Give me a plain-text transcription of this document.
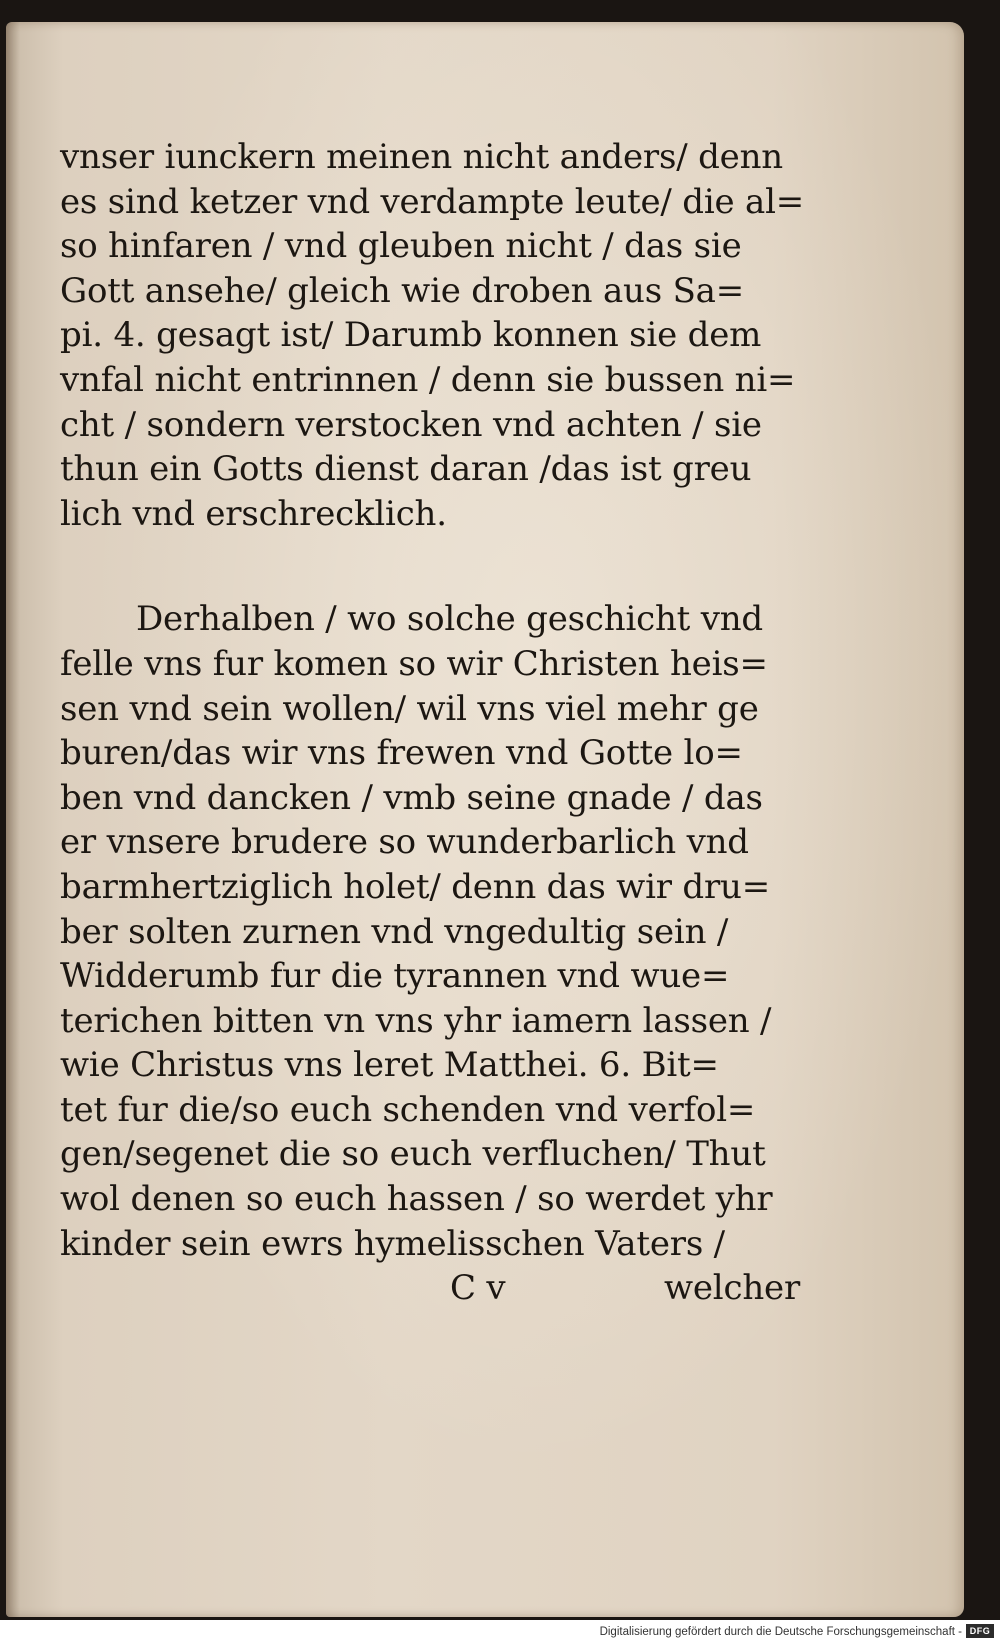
vnser iunckern meinen nicht anders/ denn
es sind ketzer vnd verdampte leute/ die al=
so hinfaren / vnd gleuben nicht / das sie
Gott ansehe/ gleich wie droben aus Sa=
pi. 4. gesagt ist/ Darumb konnen sie dem
vnfal nicht entrinnen / denn sie bussen ni=
cht / sondern verstocken vnd achten / sie
thun ein Gotts dienst daran /das ist greu
lich vnd erschrecklich.
Derhalben / wo solche geschicht vnd
felle vns fur komen so wir Christen heis=
sen vnd sein wollen/ wil vns viel mehr ge
buren/das wir vns frewen vnd Gotte lo=
ben vnd dancken / vmb seine gnade / das
er vnsere brudere so wunderbarlich vnd
barmhertziglich holet/ denn das wir dru=
ber solten zurnen vnd vngedultig sein /
Widderumb fur die tyrannen vnd wue=
terichen bitten vn vns yhr iamern lassen /
wie Christus vns leret Matthei. 6. Bit=
tet fur die/so euch schenden vnd verfol=
gen/segenet die so euch verfluchen/ Thut
wol denen so euch hassen / so werdet yhr
kinder sein ewrs hymelisschen Vaters /
C v	welcher
Digitalisierung gefördert durch die Deutsche Forschungsgemeinschaft - DFG
